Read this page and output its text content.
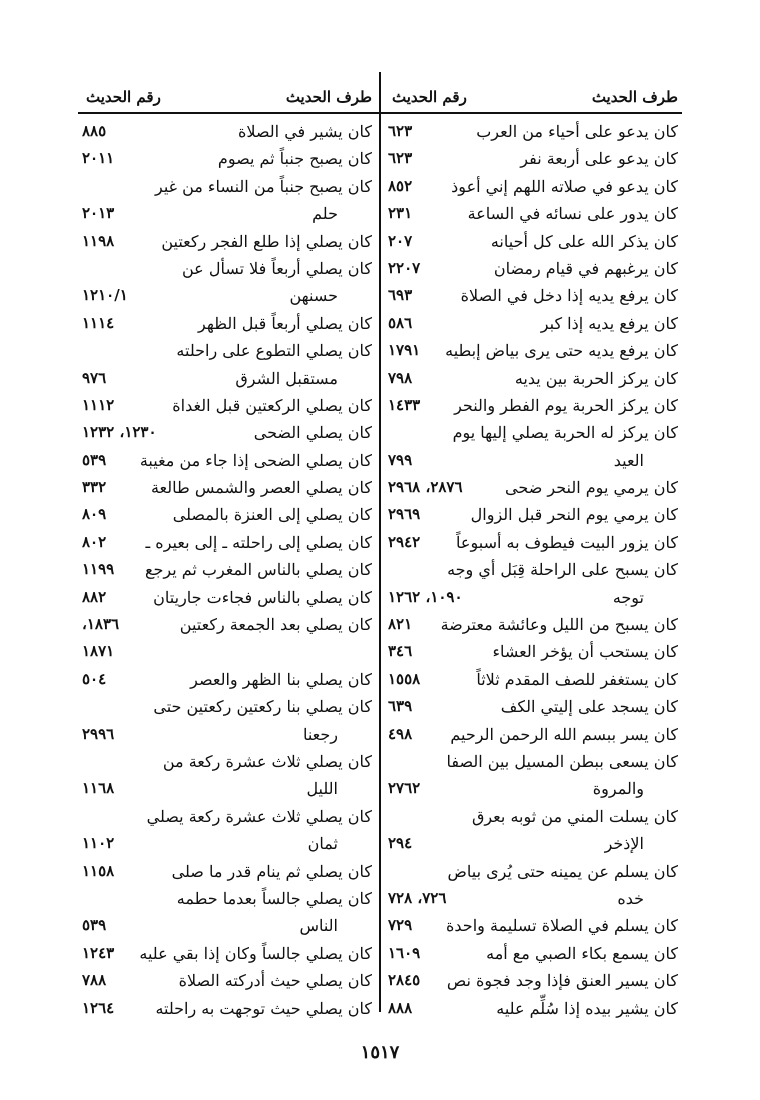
طرف الحديث
رقم الحديث
كان يدعو على أحياء من العرب
٦٢٣
كان يدعو على أربعة نفر
٦٢٣
كان يدعو في صلاته اللهم إني أعوذ
٨٥٢
كان يدور على نسائه في الساعة
٢٣١
كان يذكر الله على كل أحيانه
٢٠٧
كان يرغبهم في قيام رمضان
٢٢٠٧
كان يرفع يديه إذا دخل في الصلاة
٦٩٣
كان يرفع يديه إذا كبر
٥٨٦
كان يرفع يديه حتى يرى بياض إبطيه
١٧٩١
كان يركز الحربة بين يديه
٧٩٨
كان يركز الحربة يوم الفطر والنحر
١٤٣٣
كان يركز له الحربة يصلي إليها يوم
العيد
٧٩٩
كان يرمي يوم النحر ضحى
٢٨٧٦، ٢٩٦٨
كان يرمي يوم النحر قبل الزوال
٢٩٦٩
كان يزور البيت فيطوف به أسبوعاً
٢٩٤٢
كان يسبح على الراحلة قِبَل أي وجه
توجه
١٠٩٠، ١٢٦٢
كان يسبح من الليل وعائشة معترضة
٨٢١
كان يستحب أن يؤخر العشاء
٣٤٦
كان يستغفر للصف المقدم ثلاثاً
١٥٥٨
كان يسجد على إليتي الكف
٦٣٩
كان يسر ببسم الله الرحمن الرحيم
٤٩٨
كان يسعى ببطن المسيل بين الصفا
والمروة
٢٧٦٢
كان يسلت المني من ثوبه بعرق
الإذخر
٢٩٤
كان يسلم عن يمينه حتى يُرى بياض
خده
٧٢٦، ٧٢٨
كان يسلم في الصلاة تسليمة واحدة
٧٢٩
كان يسمع بكاء الصبي مع أمه
١٦٠٩
كان يسير العنق فإذا وجد فجوة نص
٢٨٤٥
كان يشير بيده إذا سُلِّم عليه
٨٨٨
طرف الحديث
رقم الحديث
كان يشير في الصلاة
٨٨٥
كان يصبح جنباً ثم يصوم
٢٠١١
كان يصبح جنباً من النساء من غير
حلم
٢٠١٣
كان يصلي إذا طلع الفجر ركعتين
١١٩٨
كان يصلي أربعاً فلا تسأل عن
حسنهن
١٢١٠/١
كان يصلي أربعاً قبل الظهر
١١١٤
كان يصلي التطوع على راحلته
مستقبل الشرق
٩٧٦
كان يصلي الركعتين قبل الغداة
١١١٢
كان يصلي الضحى
١٢٣٠، ١٢٣٢
كان يصلي الضحى إذا جاء من مغيبة
٥٣٩
كان يصلي العصر والشمس طالعة
٣٣٢
كان يصلي إلى العنزة بالمصلى
٨٠٩
كان يصلي إلى راحلته ـ إلى بعيره ـ
٨٠٢
كان يصلي بالناس المغرب ثم يرجع
١١٩٩
كان يصلي بالناس فجاءت جاريتان
٨٨٢
كان يصلي بعد الجمعة ركعتين
١٨٣٦،
١٨٧١
كان يصلي بنا الظهر والعصر
٥٠٤
كان يصلي بنا ركعتين ركعتين حتى
رجعنا
٢٩٩٦
كان يصلي ثلاث عشرة ركعة من
الليل
١١٦٨
كان يصلي ثلاث عشرة ركعة يصلي
ثمان
١١٠٢
كان يصلي ثم ينام قدر ما صلى
١١٥٨
كان يصلي جالساً بعدما حطمه
الناس
٥٣٩
كان يصلي جالساً وكان إذا بقي عليه
١٢٤٣
كان يصلي حيث أدركته الصلاة
٧٨٨
كان يصلي حيث توجهت به راحلته
١٢٦٤
١٥١٧
